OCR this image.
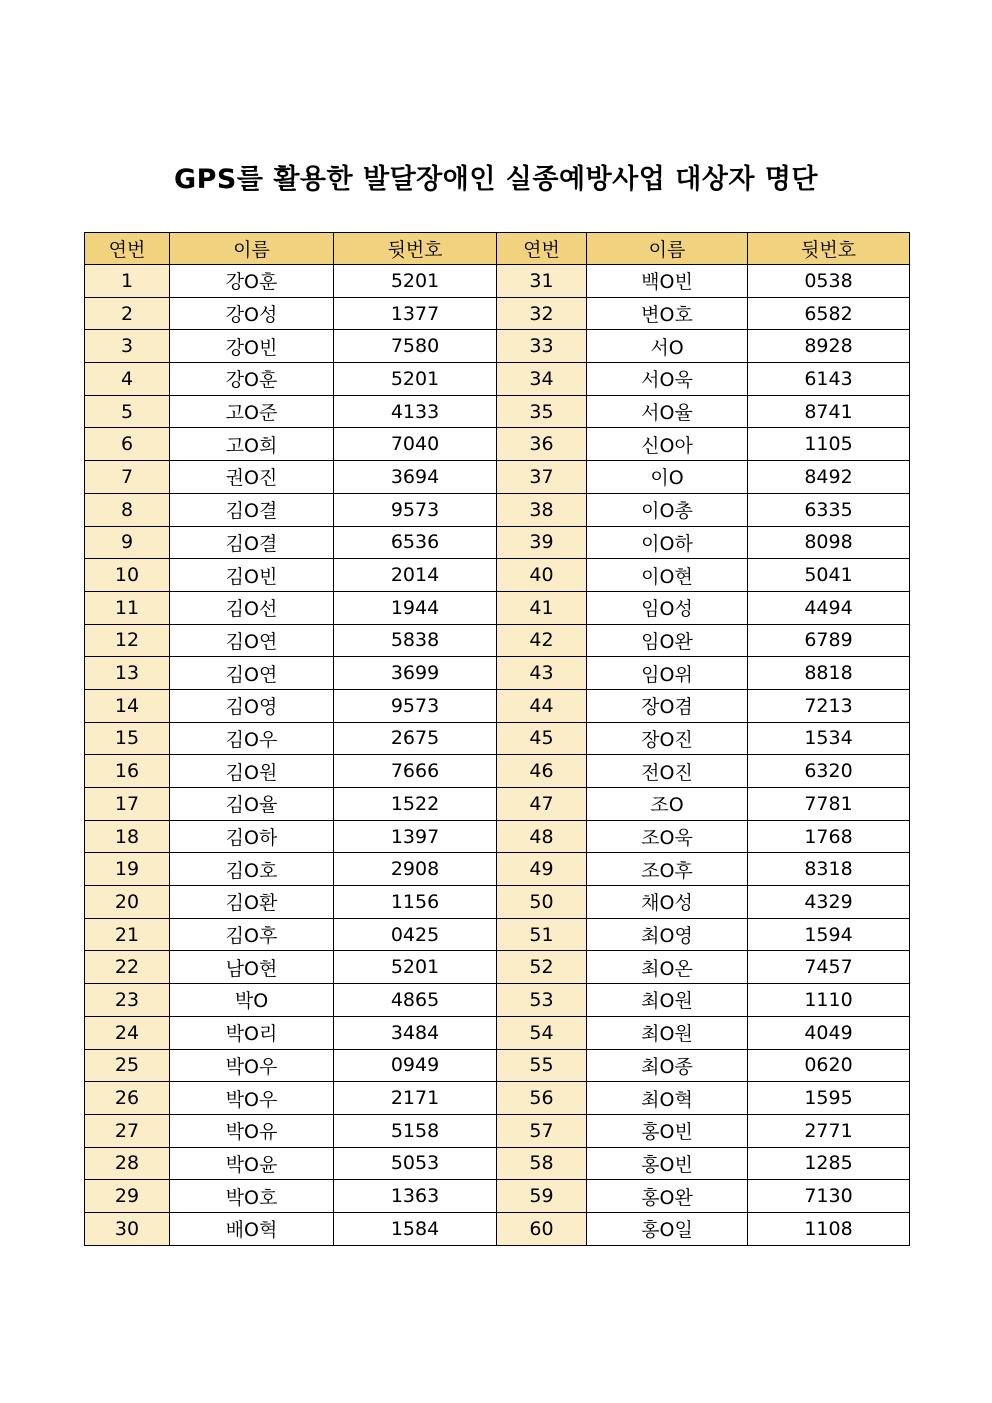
GPS를 활용한 발달장애인 실종예방사업 대상자 명단
연번	이름	뒷번호	연번	이름	뒷번호
1	강O훈	5201	31	백O빈	0538
2	강O성	1377	32	변O호	6582
3	강O빈	7580	33	서O	8928
4	강O훈	5201	34	서O욱	6143
5	고O준	4133	35	서O율	8741
6	고O희	7040	36	신O아	1105
7	권O진	3694	37	이O	8492
8	김O결	9573	38	이O총	6335
9	김O결	6536	39	이O하	8098
10	김O빈	2014	40	이O현	5041
11	김O선	1944	41	임O성	4494
12	김O연	5838	42	임O완	6789
13	김O연	3699	43	임O위	8818
14	김O영	9573	44	장O겸	7213
15	김O우	2675	45	장O진	1534
16	김O원	7666	46	전O진	6320
17	김O율	1522	47	조O	7781
18	김O하	1397	48	조O욱	1768
19	김O호	2908	49	조O후	8318
20	김O환	1156	50	채O성	4329
21	김O후	0425	51	최O영	1594
22	남O현	5201	52	최O온	7457
23	박O	4865	53	최O원	1110
24	박O리	3484	54	최O원	4049
25	박O우	0949	55	최O종	0620
26	박O우	2171	56	최O혁	1595
27	박O유	5158	57	홍O빈	2771
28	박O윤	5053	58	홍O빈	1285
29	박O호	1363	59	홍O완	7130
30	배O혁	1584	60	홍O일	1108
